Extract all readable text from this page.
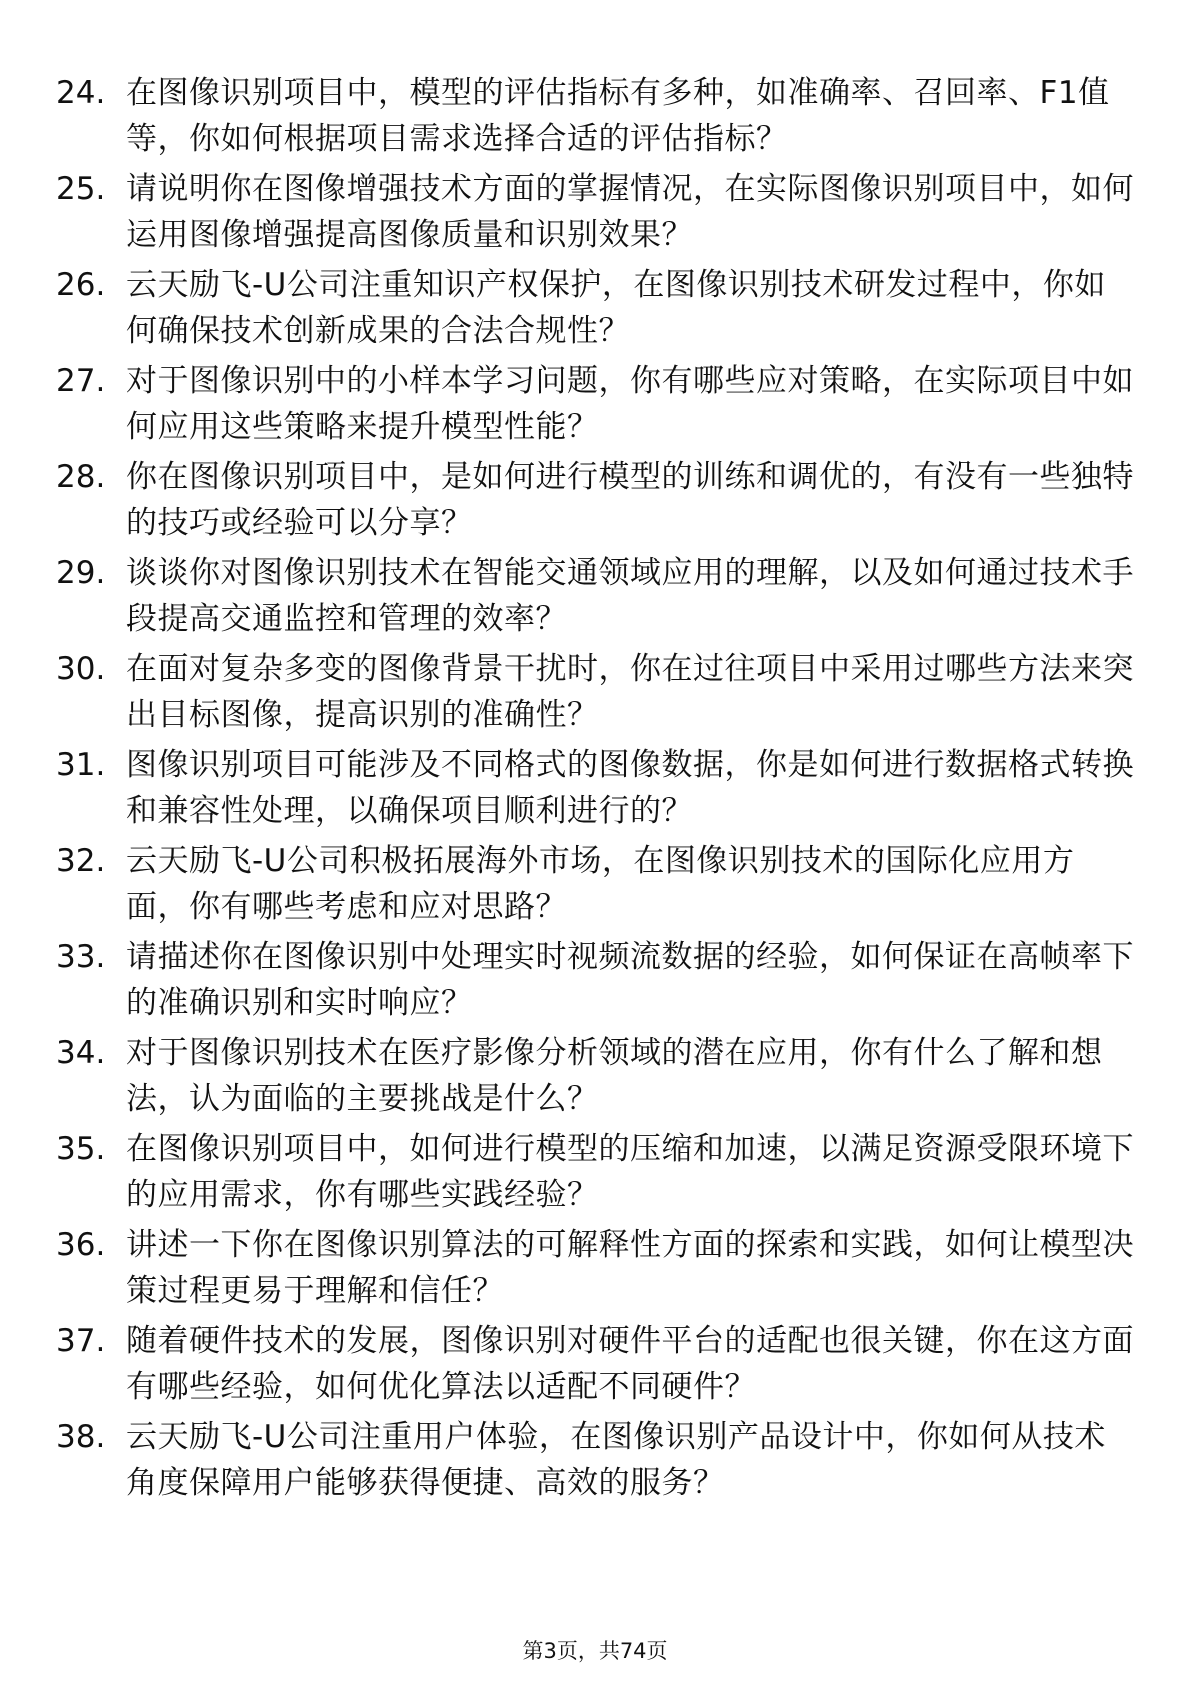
24. 在图像识别项目中，模型的评估指标有多种，如准确率、召回率、F1值等，你如何根据项目需求选择合适的评估指标？
25. 请说明你在图像增强技术方面的掌握情况，在实际图像识别项目中，如何运用图像增强提高图像质量和识别效果？
26. 云天励飞-U公司注重知识产权保护，在图像识别技术研发过程中，你如何确保技术创新成果的合法合规性？
27. 对于图像识别中的小样本学习问题，你有哪些应对策略，在实际项目中如何应用这些策略来提升模型性能？
28. 你在图像识别项目中，是如何进行模型的训练和调优的，有没有一些独特的技巧或经验可以分享？
29. 谈谈你对图像识别技术在智能交通领域应用的理解，以及如何通过技术手段提高交通监控和管理的效率？
30. 在面对复杂多变的图像背景干扰时，你在过往项目中采用过哪些方法来突出目标图像，提高识别的准确性？
31. 图像识别项目可能涉及不同格式的图像数据，你是如何进行数据格式转换和兼容性处理，以确保项目顺利进行的？
32. 云天励飞-U公司积极拓展海外市场，在图像识别技术的国际化应用方面，你有哪些考虑和应对思路？
33. 请描述你在图像识别中处理实时视频流数据的经验，如何保证在高帧率下的准确识别和实时响应？
34. 对于图像识别技术在医疗影像分析领域的潜在应用，你有什么了解和想法，认为面临的主要挑战是什么？
35. 在图像识别项目中，如何进行模型的压缩和加速，以满足资源受限环境下的应用需求，你有哪些实践经验？
36. 讲述一下你在图像识别算法的可解释性方面的探索和实践，如何让模型决策过程更易于理解和信任？
37. 随着硬件技术的发展，图像识别对硬件平台的适配也很关键，你在这方面有哪些经验，如何优化算法以适配不同硬件？
38. 云天励飞-U公司注重用户体验，在图像识别产品设计中，你如何从技术角度保障用户能够获得便捷、高效的服务？
第3页，共74页
